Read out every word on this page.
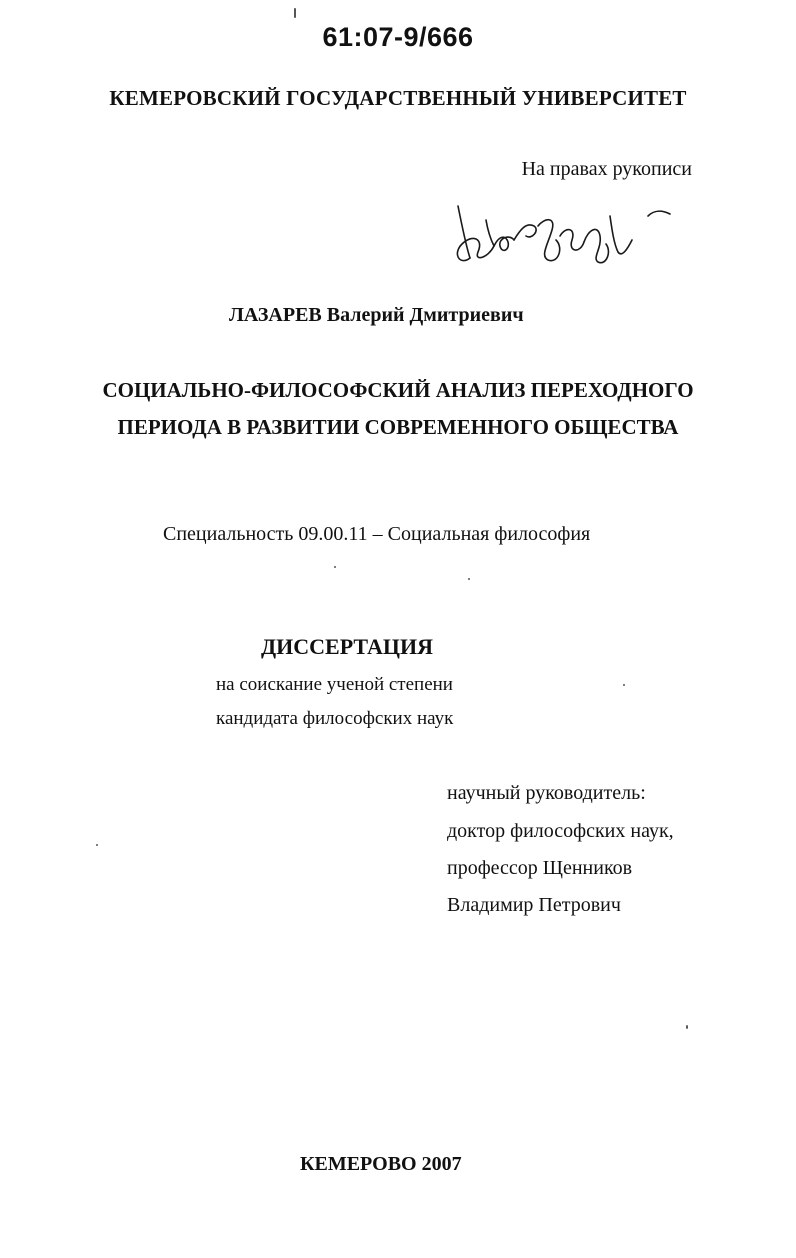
61:07-9/666
КЕМЕРОВСКИЙ ГОСУДАРСТВЕННЫЙ УНИВЕРСИТЕТ
На правах рукописи
ЛАЗАРЕВ Валерий Дмитриевич
СОЦИАЛЬНО-ФИЛОСОФСКИЙ АНАЛИЗ ПЕРЕХОДНОГО
ПЕРИОДА В РАЗВИТИИ СОВРЕМЕННОГО ОБЩЕСТВА
Специальность 09.00.11 – Социальная философия
ДИССЕРТАЦИЯ
на соискание ученой степени
кандидата философских наук
научный руководитель:
доктор философских наук,
профессор Щенников
Владимир Петрович
КЕМЕРОВО 2007
